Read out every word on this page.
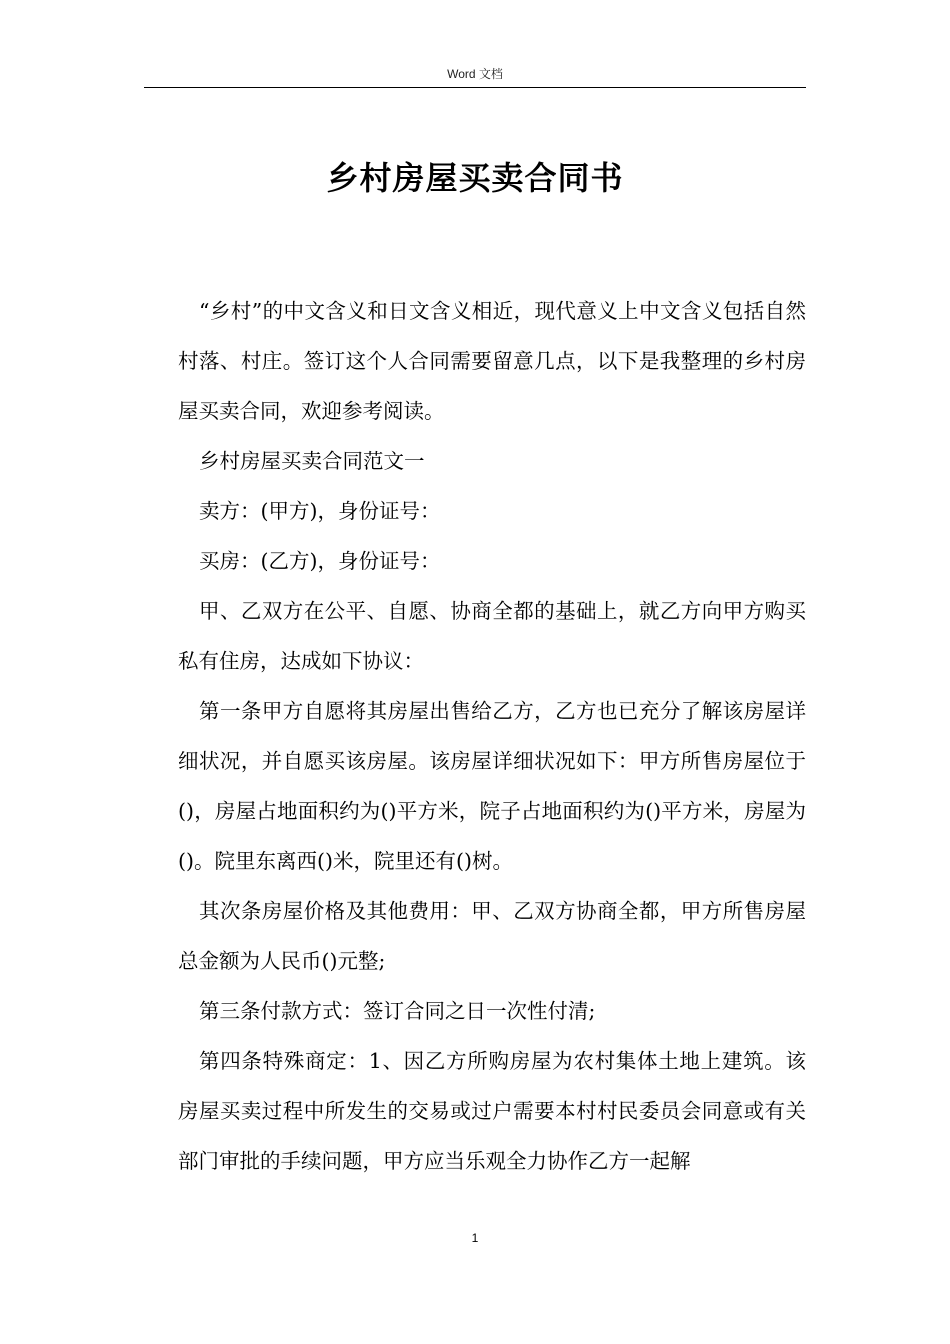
Word 文档
乡村房屋买卖合同书

“乡村”的中文含义和日文含义相近，现代意义上中文含义包括自然村落、村庄。签订这个人合同需要留意几点，以下是我整理的乡村房屋买卖合同，欢迎参考阅读。

乡村房屋买卖合同范文一

卖方：(甲方)，身份证号：

买房：(乙方)，身份证号：

甲、乙双方在公平、自愿、协商全都的基础上，就乙方向甲方购买私有住房，达成如下协议：

第一条甲方自愿将其房屋出售给乙方，乙方也已充分了解该房屋详细状况，并自愿买该房屋。该房屋详细状况如下：甲方所售房屋位于()，房屋占地面积约为()平方米，院子占地面积约为()平方米，房屋为()。院里东离西()米，院里还有()树。

其次条房屋价格及其他费用：甲、乙双方协商全都，甲方所售房屋总金额为人民币()元整;

第三条付款方式：签订合同之日一次性付清;

第四条特殊商定：1、因乙方所购房屋为农村集体土地上建筑。该房屋买卖过程中所发生的交易或过户需要本村村民委员会同意或有关部门审批的手续问题，甲方应当乐观全力协作乙方一起解

1
